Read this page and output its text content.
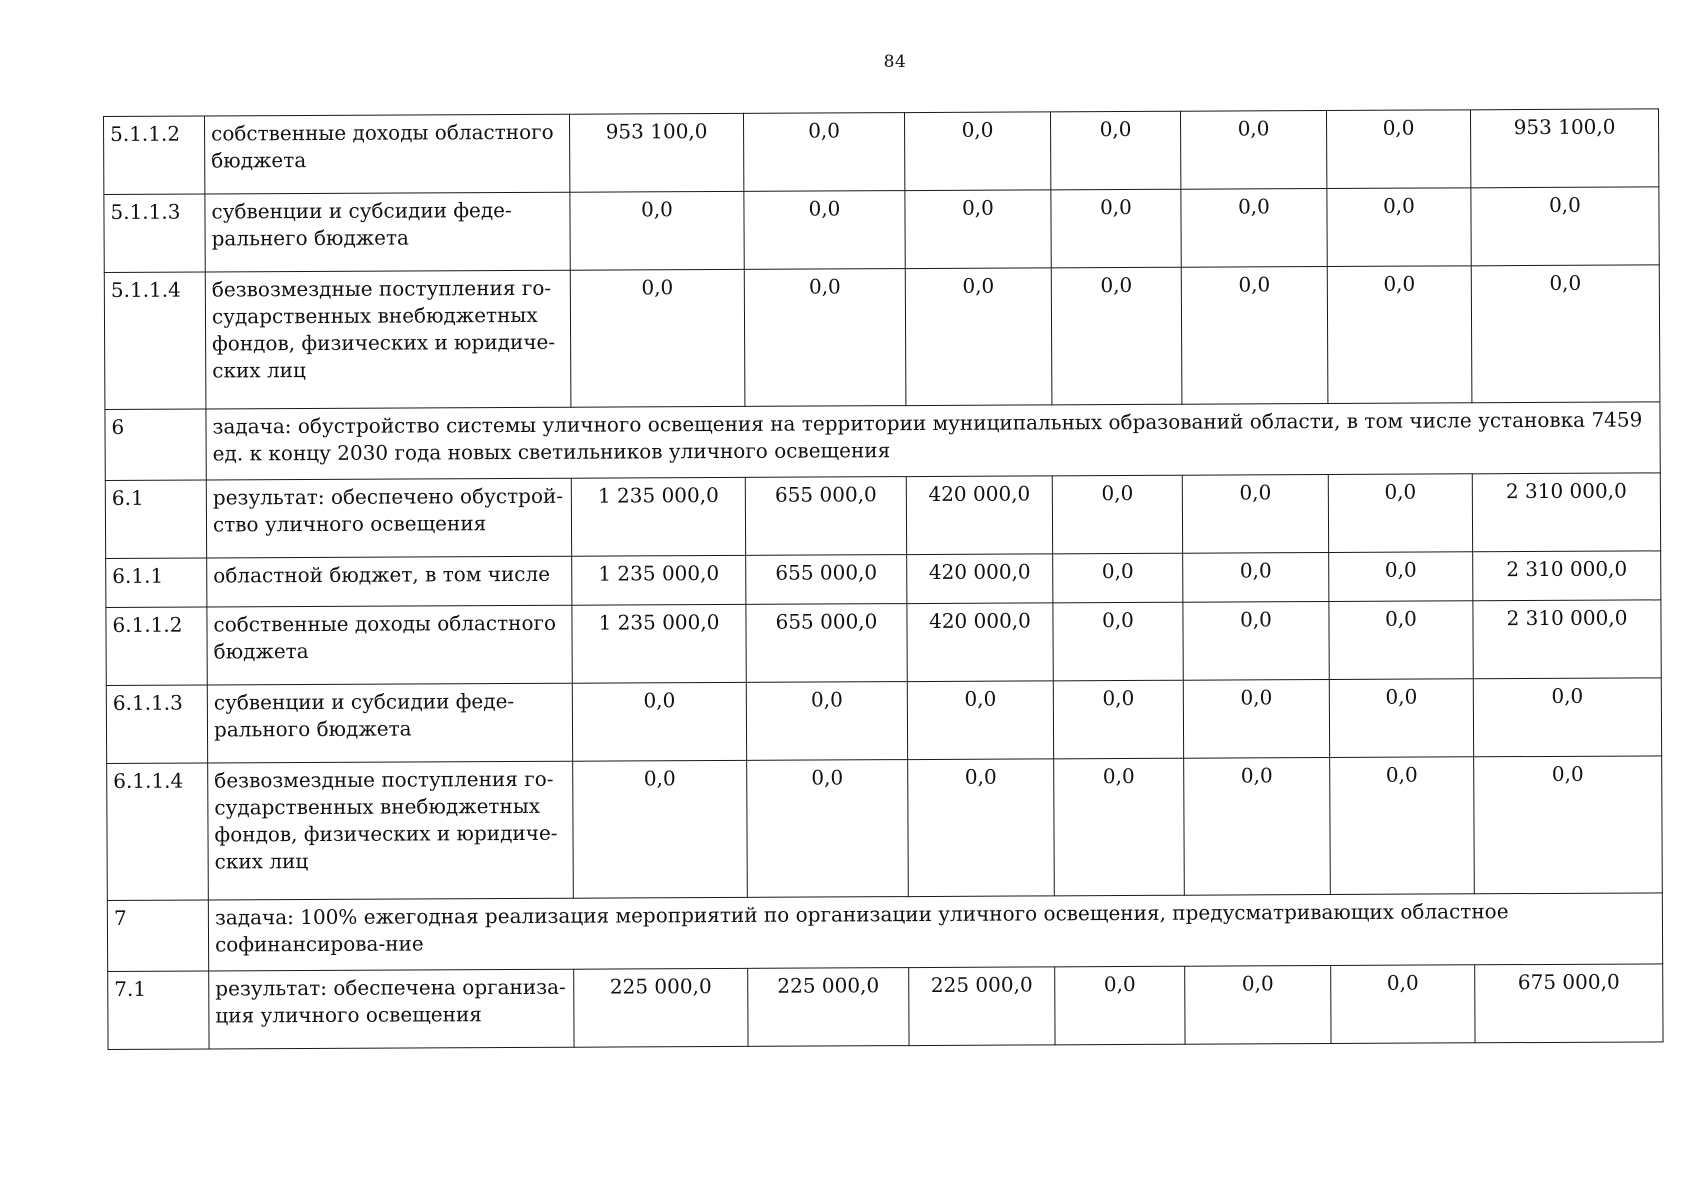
84
5.1.1.2	собственные доходы областного бюджета	953 100,0	0,0	0,0	0,0	0,0	0,0	953 100,0
5.1.1.3	субвенции и субсидии феде-ральнего бюджета	0,0	0,0	0,0	0,0	0,0	0,0	0,0
5.1.1.4	безвозмездные поступления го-сударственных внебюджетных фондов, физических и юридиче-ских лиц	0,0	0,0	0,0	0,0	0,0	0,0	0,0
6	задача: обустройство системы уличного освещения на территории муниципальных образований области, в том числе установка 7459 ед. к концу 2030 года новых светильников уличного освещения							
6.1	результат: обеспечено обустрой-ство уличного освещения	1 235 000,0	655 000,0	420 000,0	0,0	0,0	0,0	2 310 000,0
6.1.1	областной бюджет, в том числе	1 235 000,0	655 000,0	420 000,0	0,0	0,0	0,0	2 310 000,0
6.1.1.2	собственные доходы областного бюджета	1 235 000,0	655 000,0	420 000,0	0,0	0,0	0,0	2 310 000,0
6.1.1.3	субвенции и субсидии феде-рального бюджета	0,0	0,0	0,0	0,0	0,0	0,0	0,0
6.1.1.4	безвозмездные поступления го-сударственных внебюджетных фондов, физических и юридиче-ских лиц	0,0	0,0	0,0	0,0	0,0	0,0	0,0
7	задача: 100% ежегодная реализация мероприятий по организации уличного освещения, предусматривающих областное софинансирова-ние							
7.1	результат: обеспечена организа-ция уличного освещения	225 000,0	225 000,0	225 000,0	0,0	0,0	0,0	675 000,0
